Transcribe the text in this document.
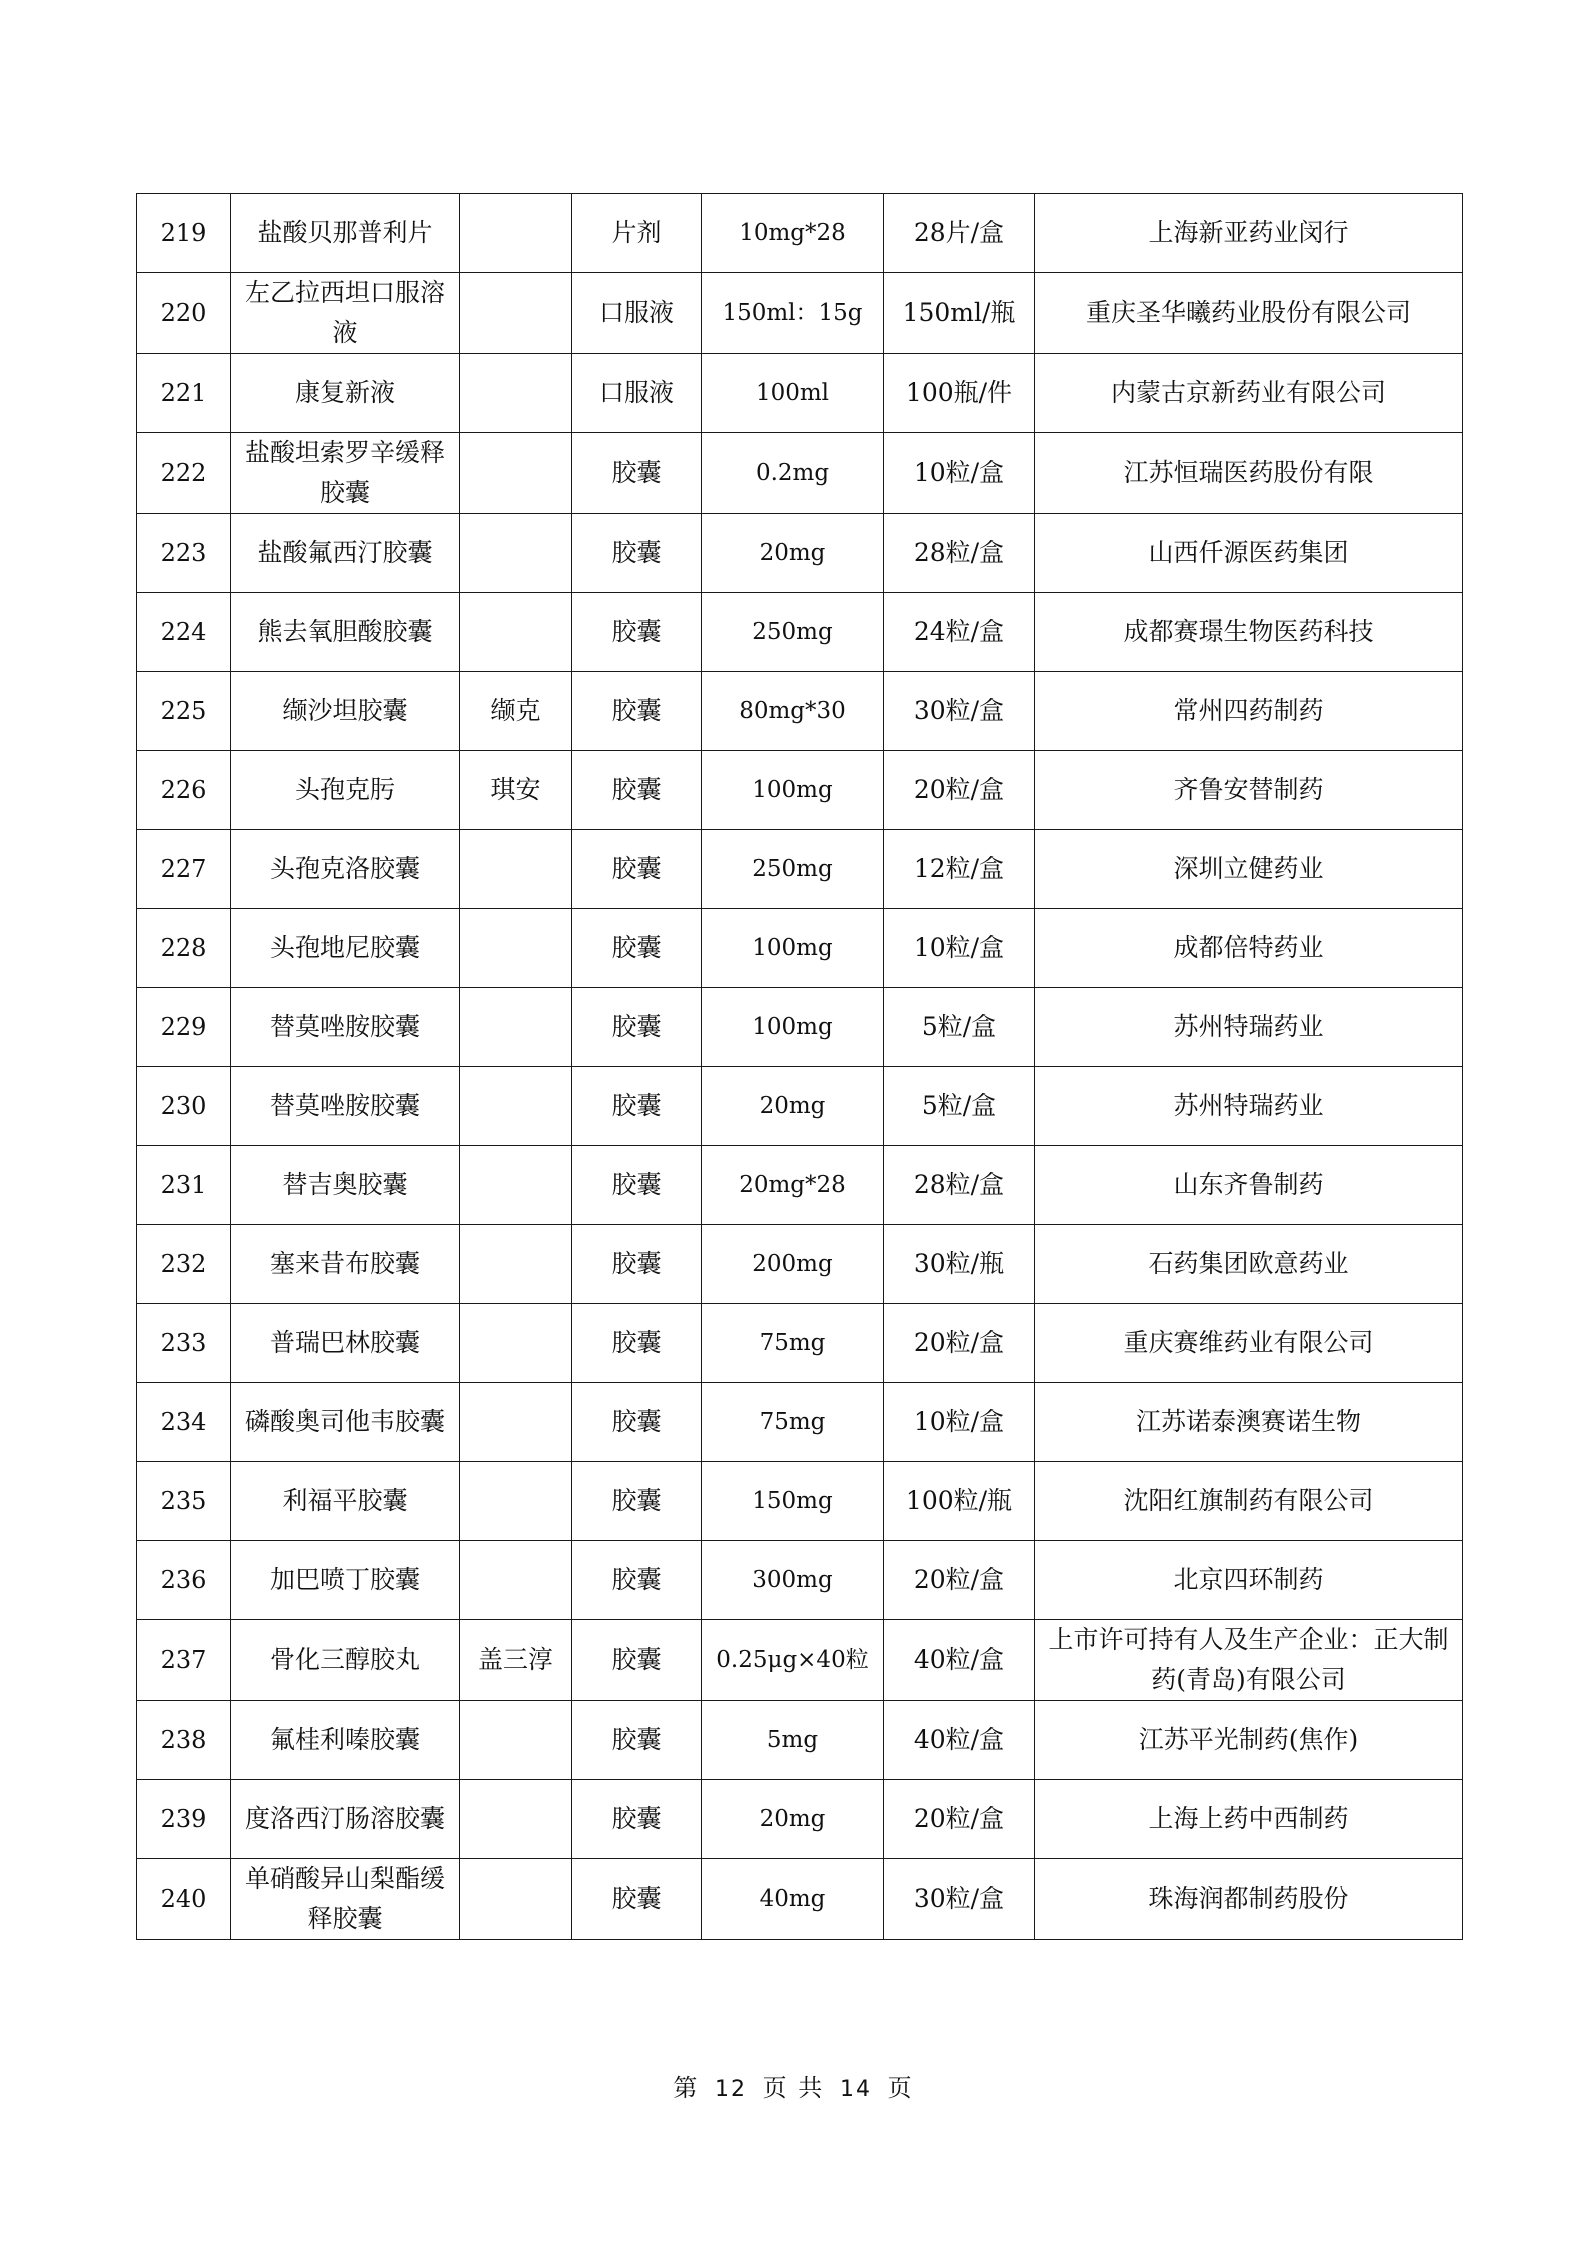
219	盐酸贝那普利片		片剂	10mg*28	28片/盒	上海新亚药业闵行
220	左乙拉西坦口服溶液		口服液	150ml：15g	150ml/瓶	重庆圣华曦药业股份有限公司
221	康复新液		口服液	100ml	100瓶/件	内蒙古京新药业有限公司
222	盐酸坦索罗辛缓释胶囊		胶囊	0.2mg	10粒/盒	江苏恒瑞医药股份有限
223	盐酸氟西汀胶囊		胶囊	20mg	28粒/盒	山西仟源医药集团
224	熊去氧胆酸胶囊		胶囊	250mg	24粒/盒	成都赛璟生物医药科技
225	缬沙坦胶囊	缬克	胶囊	80mg*30	30粒/盒	常州四药制药
226	头孢克肟	琪安	胶囊	100mg	20粒/盒	齐鲁安替制药
227	头孢克洛胶囊		胶囊	250mg	12粒/盒	深圳立健药业
228	头孢地尼胶囊		胶囊	100mg	10粒/盒	成都倍特药业
229	替莫唑胺胶囊		胶囊	100mg	5粒/盒	苏州特瑞药业
230	替莫唑胺胶囊		胶囊	20mg	5粒/盒	苏州特瑞药业
231	替吉奥胶囊		胶囊	20mg*28	28粒/盒	山东齐鲁制药
232	塞来昔布胶囊		胶囊	200mg	30粒/瓶	石药集团欧意药业
233	普瑞巴林胶囊		胶囊	75mg	20粒/盒	重庆赛维药业有限公司
234	磷酸奥司他韦胶囊		胶囊	75mg	10粒/盒	江苏诺泰澳赛诺生物
235	利福平胶囊		胶囊	150mg	100粒/瓶	沈阳红旗制药有限公司
236	加巴喷丁胶囊		胶囊	300mg	20粒/盒	北京四环制药
237	骨化三醇胶丸	盖三淳	胶囊	0.25μg×40粒	40粒/盒	上市许可持有人及生产企业：正大制药(青岛)有限公司
238	氟桂利嗪胶囊		胶囊	5mg	40粒/盒	江苏平光制药(焦作)
239	度洛西汀肠溶胶囊		胶囊	20mg	20粒/盒	上海上药中西制药
240	单硝酸异山梨酯缓释胶囊		胶囊	40mg	30粒/盒	珠海润都制药股份
第 12 页 共 14 页
